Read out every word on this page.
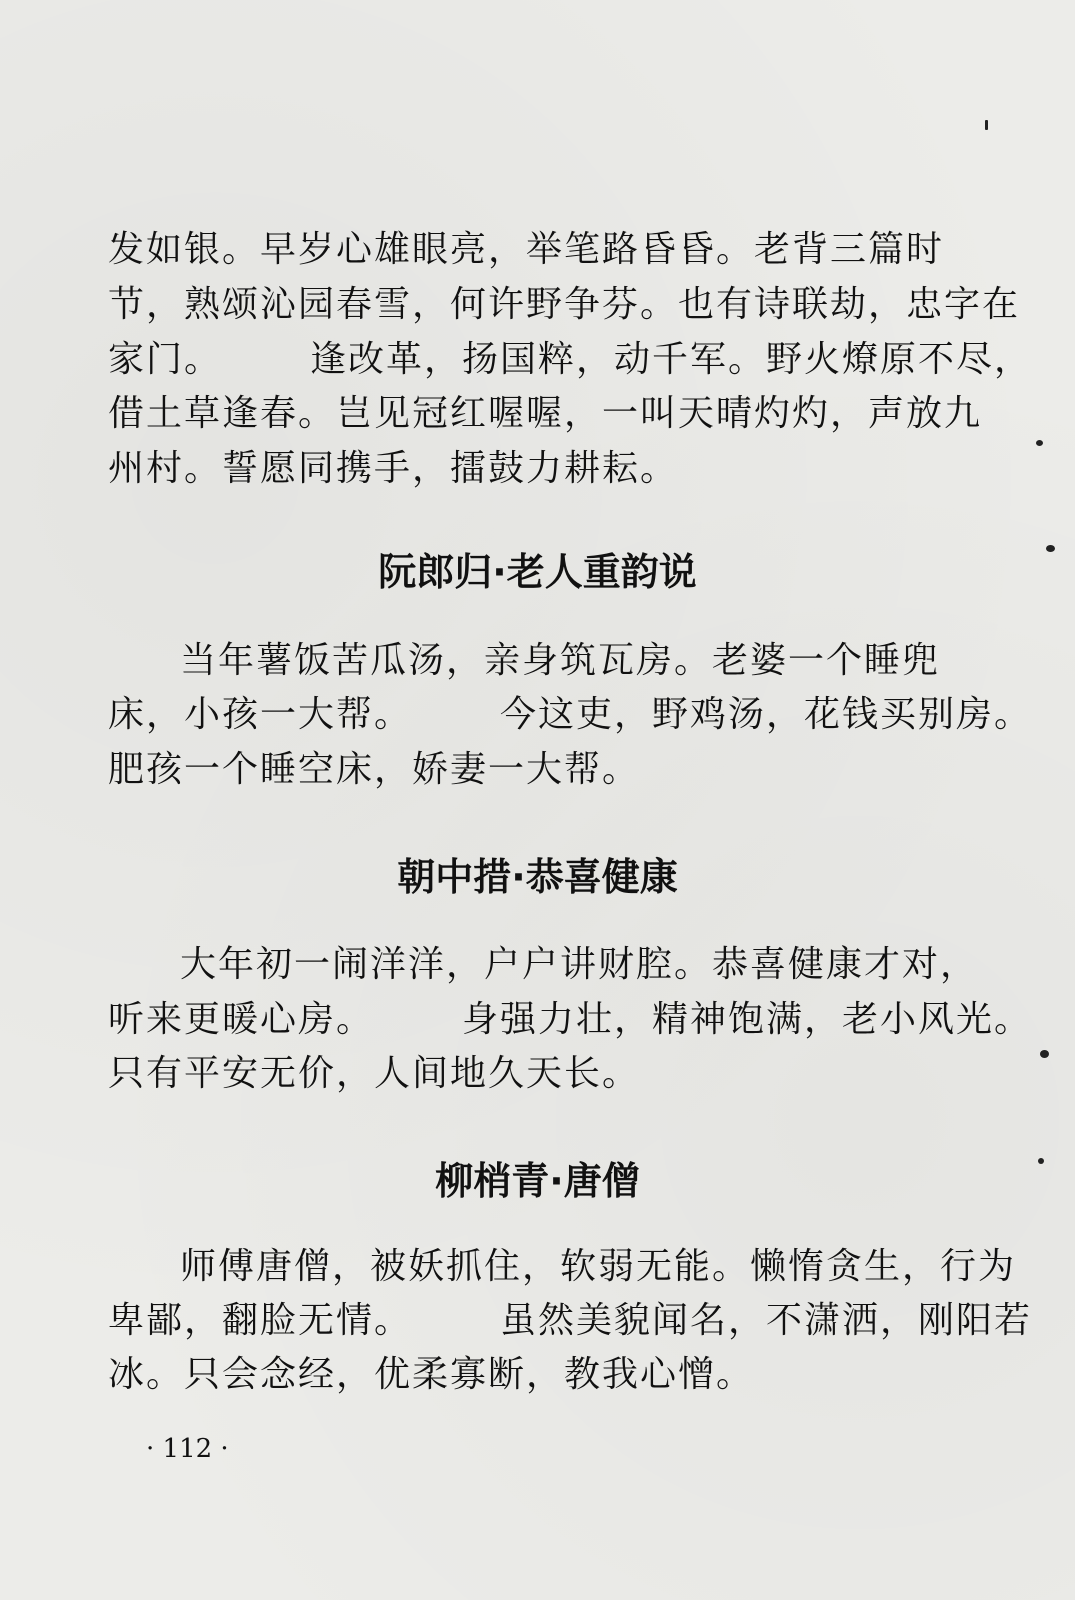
发如银。早岁心雄眼亮，举笔路昏昏。老背三篇时
节，熟颂沁园春雪，何许野争芬。也有诗联劫，忠字在
家门。 逢改革，扬国粹，动千军。野火燎原不尽，
借土草逢春。岂见冠红喔喔，一叫天晴灼灼，声放九
州村。誓愿同携手，擂鼓力耕耘。
阮郎归·老人重韵说
当年薯饭苦瓜汤，亲身筑瓦房。老婆一个睡兜
床，小孩一大帮。 今这吏，野鸡汤，花钱买别房。
肥孩一个睡空床，娇妻一大帮。
朝中措·恭喜健康
大年初一闹洋洋，户户讲财腔。恭喜健康才对，
听来更暖心房。 身强力壮，精神饱满，老小风光。
只有平安无价，人间地久天长。
柳梢青·唐僧
师傅唐僧，被妖抓住，软弱无能。懒惰贪生，行为
卑鄙，翻脸无情。 虽然美貌闻名，不潇洒，刚阳若
冰。只会念经，优柔寡断，教我心憎。
· 112 ·
